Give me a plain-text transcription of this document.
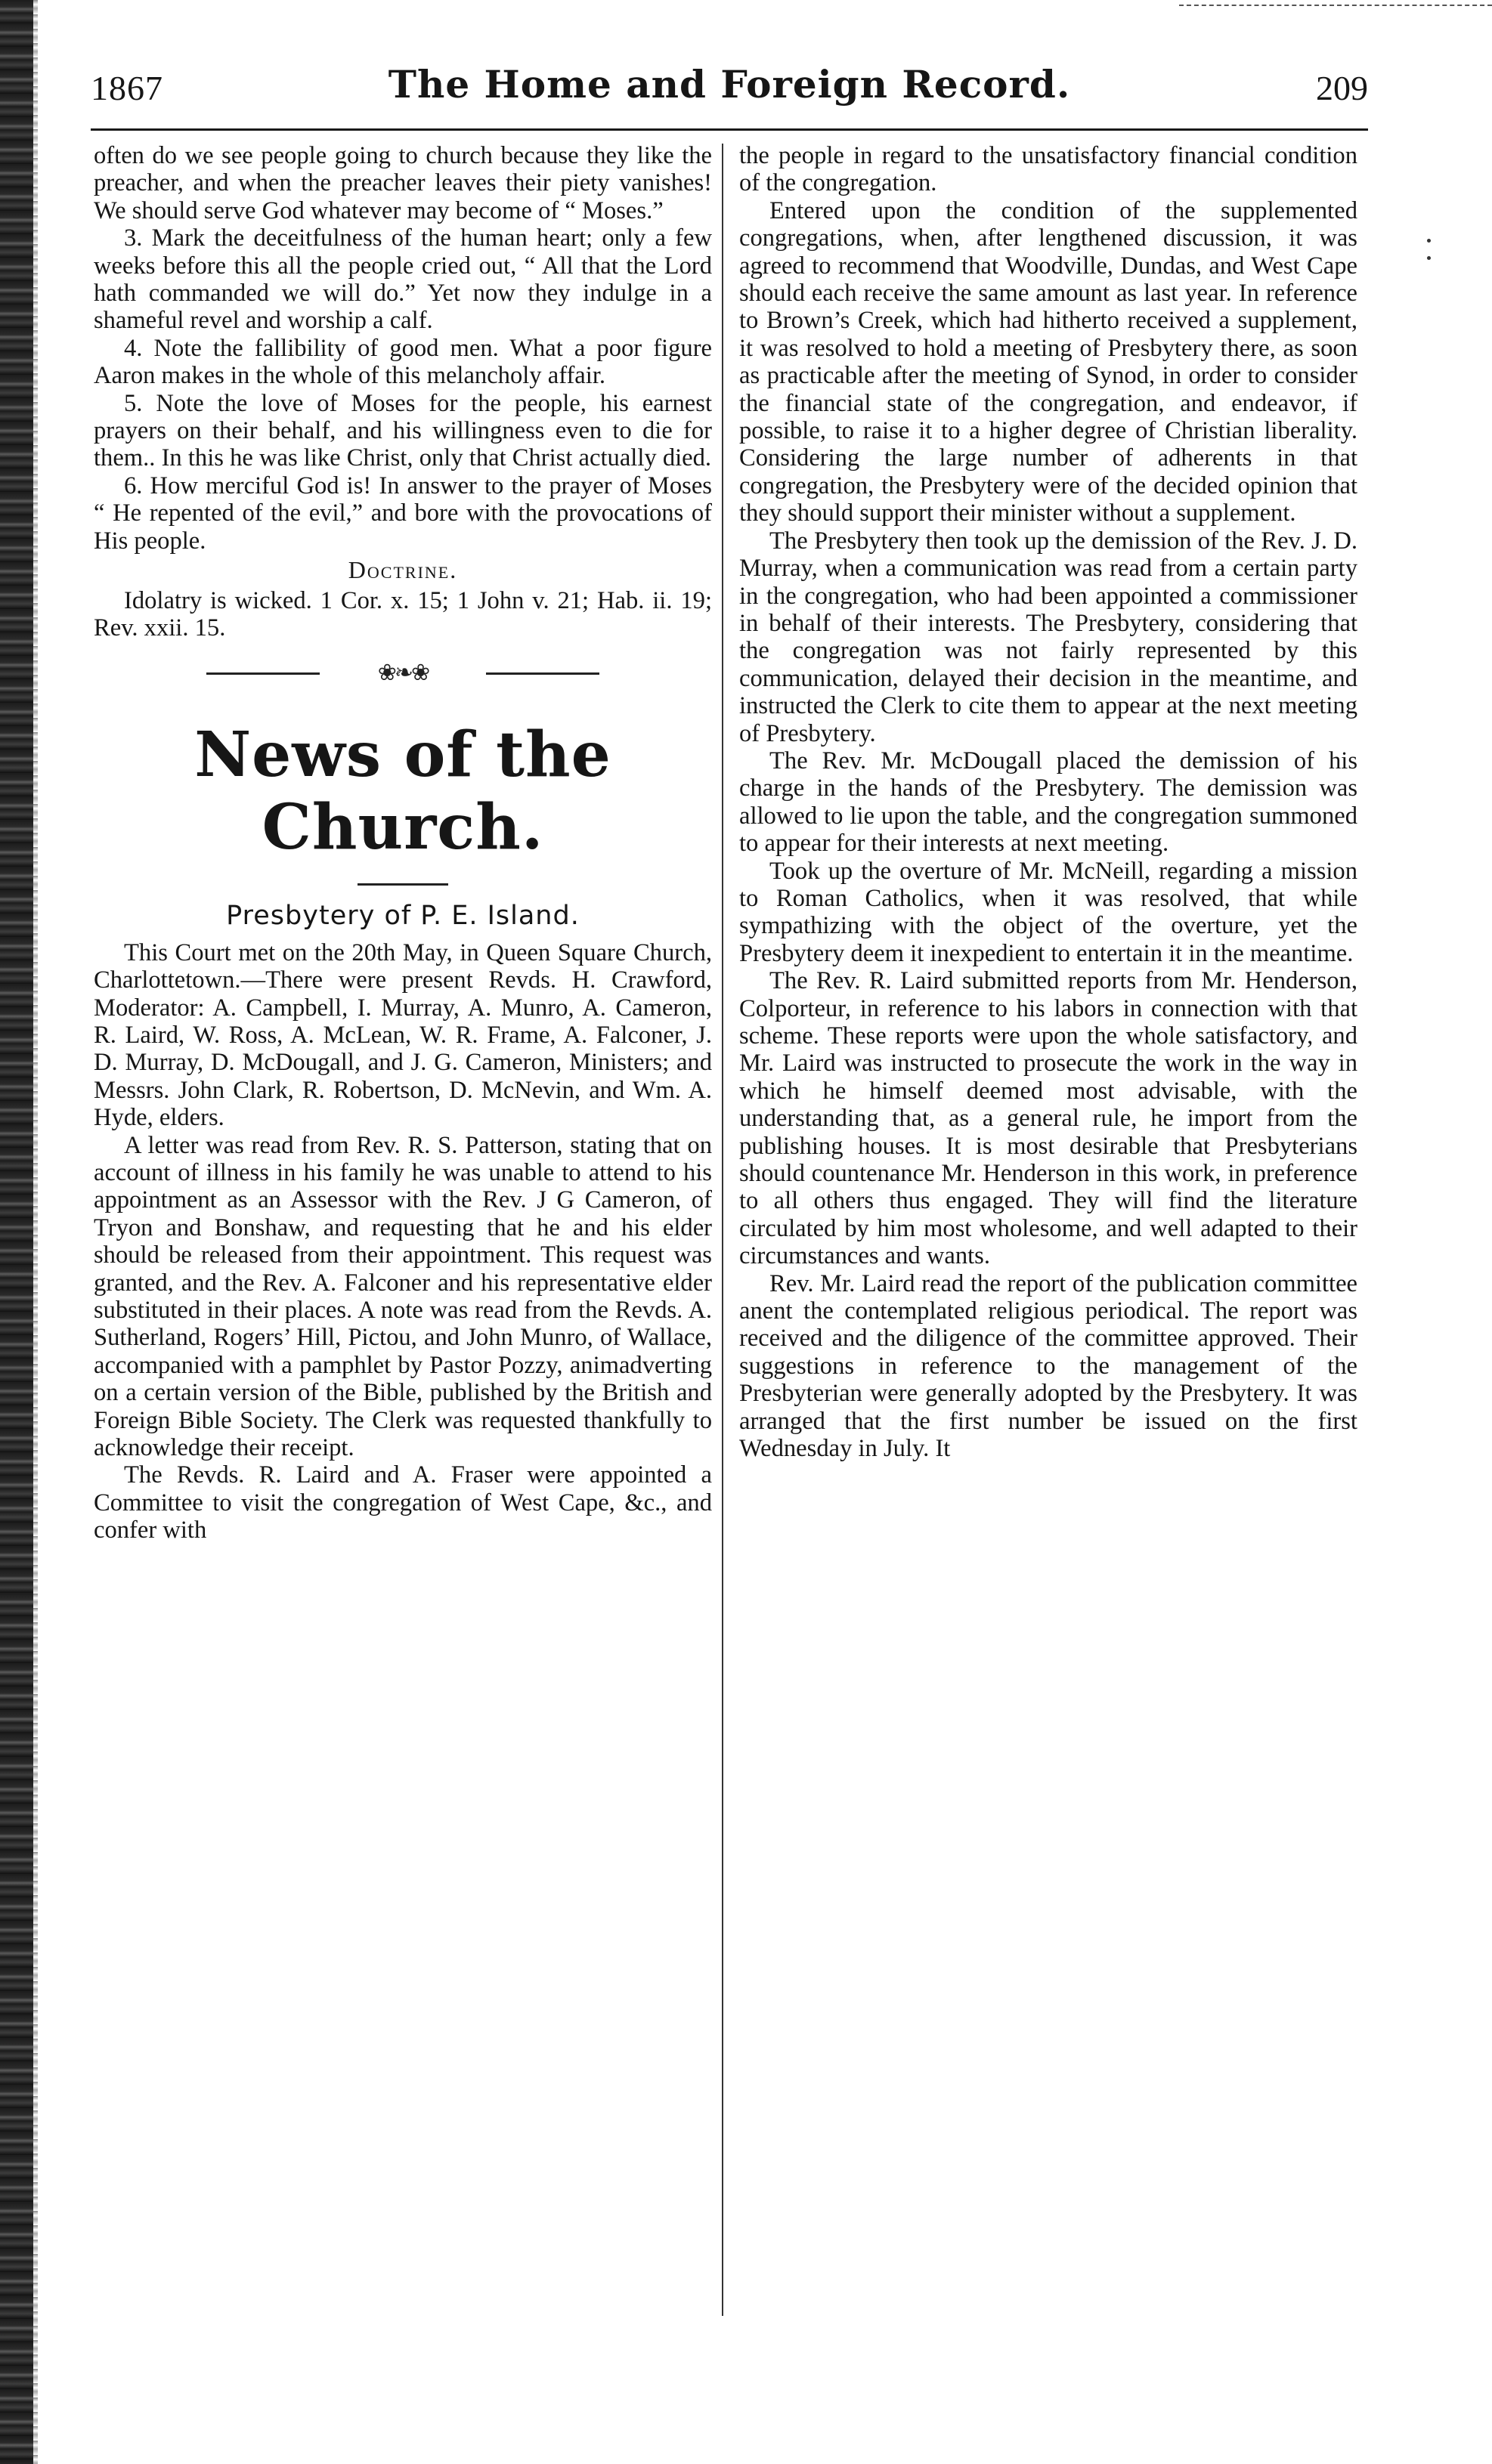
1867	The Home and Foreign Record.	209

often do we see people going to church because they like the preacher, and when the preacher leaves their piety vanishes! We should serve God whatever may become of “ Moses.”

3. Mark the deceitfulness of the human heart; only a few weeks before this all the people cried out, “ All that the Lord hath commanded we will do.” Yet now they indulge in a shameful revel and worship a calf.

4. Note the fallibility of good men. What a poor figure Aaron makes in the whole of this melancholy affair.

5. Note the love of Moses for the people, his earnest prayers on their behalf, and his willingness even to die for them.. In this he was like Christ, only that Christ actually died.

6. How merciful God is! In answer to the prayer of Moses “ He repented of the evil,” and bore with the provocations of His people.

Doctrine.

Idolatry is wicked. 1 Cor. x. 15; 1 John v. 21; Hab. ii. 19; Rev. xxii. 15.

❀❧❀
News of the Church.
Presbytery of P. E. Island.

This Court met on the 20th May, in Queen Square Church, Charlottetown.—There were present Revds. H. Crawford, Moderator: A. Campbell, I. Murray, A. Munro, A. Cameron, R. Laird, W. Ross, A. McLean, W. R. Frame, A. Falconer, J. D. Murray, D. McDougall, and J. G. Cameron, Ministers; and Messrs. John Clark, R. Robertson, D. McNevin, and Wm. A. Hyde, elders.

A letter was read from Rev. R. S. Patterson, stating that on account of illness in his family he was unable to attend to his appointment as an Assessor with the Rev. J G Cameron, of Tryon and Bonshaw, and requesting that he and his elder should be released from their appointment. This request was granted, and the Rev. A. Falconer and his representative elder substituted in their places. A note was read from the Revds. A. Sutherland, Rogers’ Hill, Pictou, and John Munro, of Wallace, accompanied with a pamphlet by Pastor Pozzy, animadverting on a certain version of the Bible, published by the British and Foreign Bible Society. The Clerk was requested thankfully to acknowledge their receipt.

The Revds. R. Laird and A. Fraser were appointed a Committee to visit the congregation of West Cape, &c., and confer with

the people in regard to the unsatisfactory financial condition of the congregation.

Entered upon the condition of the supplemented congregations, when, after lengthened discussion, it was agreed to recommend that Woodville, Dundas, and West Cape should each receive the same amount as last year. In reference to Brown’s Creek, which had hitherto received a supplement, it was resolved to hold a meeting of Presbytery there, as soon as practicable after the meeting of Synod, in order to consider the financial state of the congregation, and endeavor, if possible, to raise it to a higher degree of Christian liberality. Considering the large number of adherents in that congregation, the Presbytery were of the decided opinion that they should support their minister without a supplement.

The Presbytery then took up the demission of the Rev. J. D. Murray, when a communication was read from a certain party in the congregation, who had been appointed a commissioner in behalf of their interests. The Presbytery, considering that the congregation was not fairly represented by this communication, delayed their decision in the meantime, and instructed the Clerk to cite them to appear at the next meeting of Presbytery.

The Rev. Mr. McDougall placed the demission of his charge in the hands of the Presbytery. The demission was allowed to lie upon the table, and the congregation summoned to appear for their interests at next meeting.

Took up the overture of Mr. McNeill, regarding a mission to Roman Catholics, when it was resolved, that while sympathizing with the object of the overture, yet the Presbytery deem it inexpedient to entertain it in the meantime.

The Rev. R. Laird submitted reports from Mr. Henderson, Colporteur, in reference to his labors in connection with that scheme. These reports were upon the whole satisfactory, and Mr. Laird was instructed to prosecute the work in the way in which he himself deemed most advisable, with the understanding that, as a general rule, he import from the publishing houses. It is most desirable that Presbyterians should countenance Mr. Henderson in this work, in preference to all others thus engaged. They will find the literature circulated by him most wholesome, and well adapted to their circumstances and wants.

Rev. Mr. Laird read the report of the publication committee anent the contemplated religious periodical. The report was received and the diligence of the committee approved. Their suggestions in reference to the management of the Presbyterian were generally adopted by the Presbytery. It was arranged that the first number be issued on the first Wednesday in July. It
